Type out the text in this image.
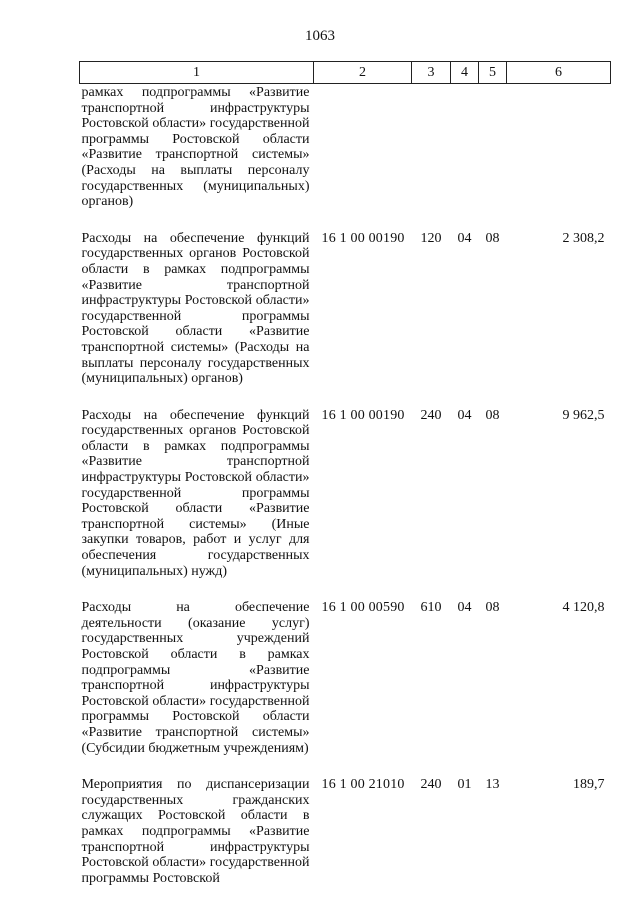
1063
1	2	3	4	5	6
рамках подпрограммы «Развитие транспортной инфраструктуры Ростовской области» государственной программы Ростовской области «Развитие транспортной системы» (Расходы на выплаты персоналу государственных (муниципальных) органов)					
Расходы на обеспечение функций государственных органов Ростовской области в рамках подпрограммы «Развитие транспортной инфраструктуры Ростовской области» государственной программы Ростовской области «Развитие транспортной системы» (Расходы на выплаты персоналу государственных (муниципальных) органов)	16 1 00 00190	120	04	08	2 308,2
Расходы на обеспечение функций государственных органов Ростовской области в рамках подпрограммы «Развитие транспортной инфраструктуры Ростовской области» государственной программы Ростовской области «Развитие транспортной системы» (Иные закупки товаров, работ и услуг для обеспечения государственных (муниципальных) нужд)	16 1 00 00190	240	04	08	9 962,5
Расходы на обеспечение деятельности (оказание услуг) государственных учреждений Ростовской области в рамках подпрограммы «Развитие транспортной инфраструктуры Ростовской области» государственной программы Ростовской области «Развитие транспортной системы» (Субсидии бюджетным учреждениям)	16 1 00 00590	610	04	08	4 120,8
Мероприятия по диспансеризации государственных гражданских служащих Ростовской области в рамках подпрограммы «Развитие транспортной инфраструктуры Ростовской области» государственной программы Ростовской	16 1 00 21010	240	01	13	189,7
